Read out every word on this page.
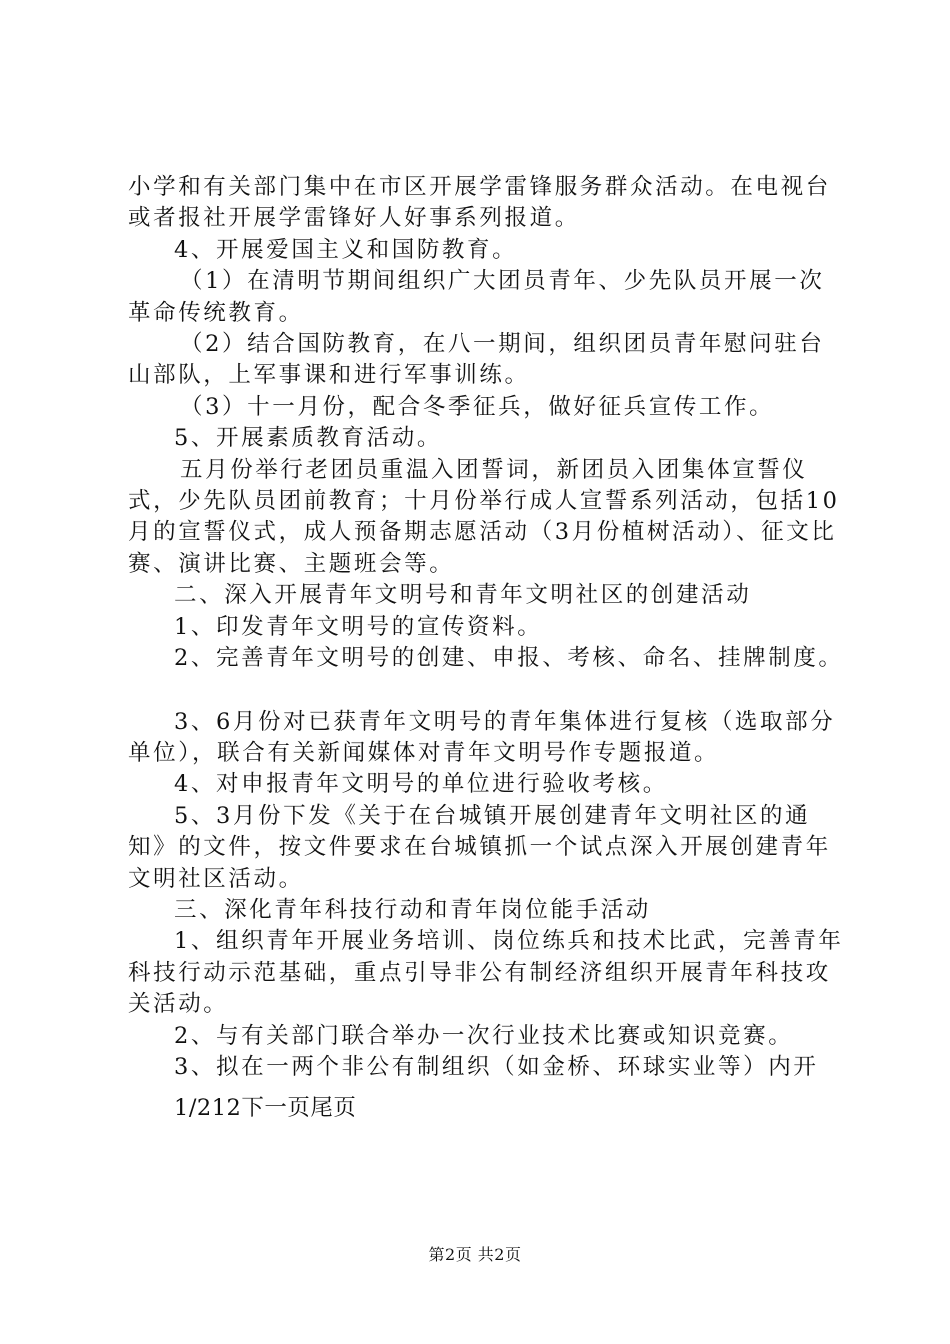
小学和有关部门集中在市区开展学雷锋服务群众活动。在电视台或者报社开展学雷锋好人好事系列报道。

4、开展爱国主义和国防教育。

（1）在清明节期间组织广大团员青年、少先队员开展一次革命传统教育。

（2）结合国防教育，在八一期间，组织团员青年慰问驻台山部队，上军事课和进行军事训练。

（3）十一月份，配合冬季征兵，做好征兵宣传工作。

5、开展素质教育活动。

五月份举行老团员重温入团誓词，新团员入团集体宣誓仪式，少先队员团前教育；十月份举行成人宣誓系列活动，包括10月的宣誓仪式，成人预备期志愿活动（3月份植树活动）、征文比赛、演讲比赛、主题班会等。

二、深入开展青年文明号和青年文明社区的创建活动

1、印发青年文明号的宣传资料。

2、完善青年文明号的创建、申报、考核、命名、挂牌制度。

3、6月份对已获青年文明号的青年集体进行复核（选取部分单位），联合有关新闻媒体对青年文明号作专题报道。

4、对申报青年文明号的单位进行验收考核。

5、3月份下发《关于在台城镇开展创建青年文明社区的通知》的文件，按文件要求在台城镇抓一个试点深入开展创建青年文明社区活动。

三、深化青年科技行动和青年岗位能手活动

1、组织青年开展业务培训、岗位练兵和技术比武，完善青年科技行动示范基础，重点引导非公有制经济组织开展青年科技攻关活动。

2、与有关部门联合举办一次行业技术比赛或知识竞赛。

3、拟在一两个非公有制组织（如金桥、环球实业等）内开

1/212下一页尾页
第2页 共2页
